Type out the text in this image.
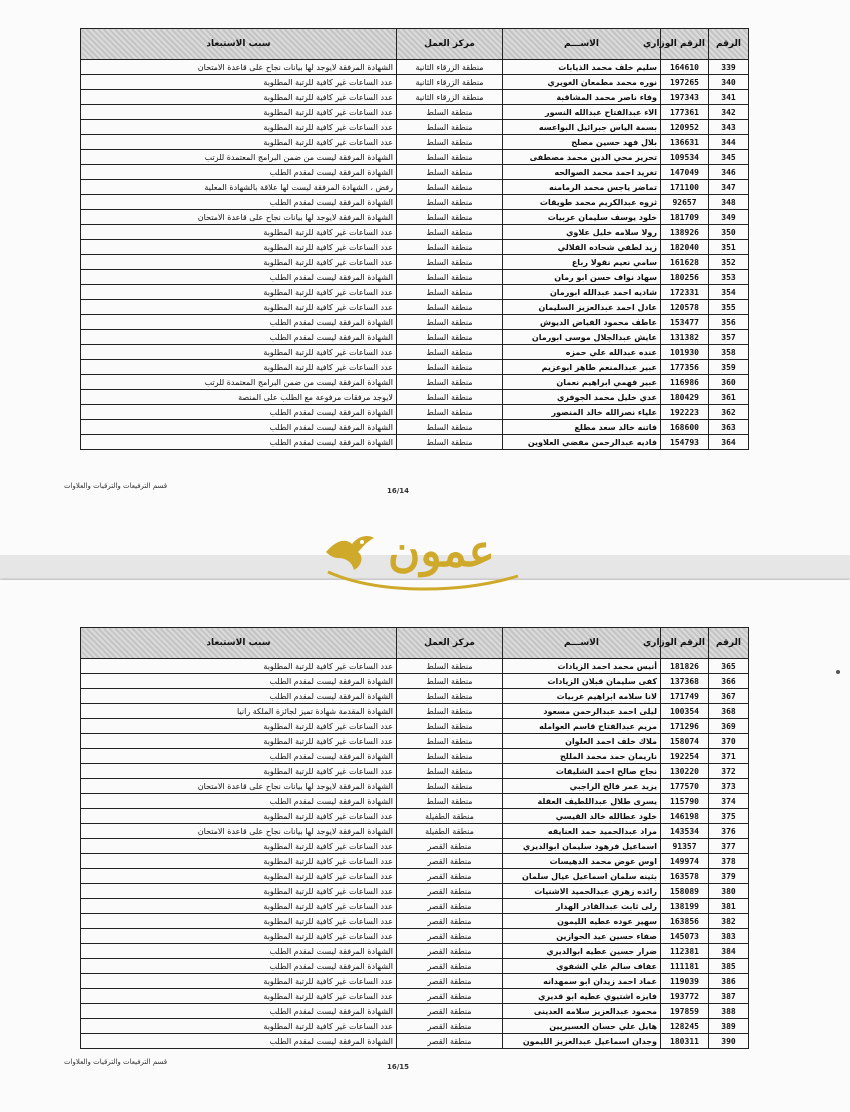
الرقم	الرقم الوزاري	الاســـم	مركز العمل	سبب الاستبعاد
339	164610	سليم خلف محمد الذيابات	منطقة الزرقاء الثانية	الشهادة المرفقة لايوجد لها بيانات نجاح على قاعدة الامتحان
340	197265	نوره محمد مطمعان الغويري	منطقة الزرقاء الثانية	عدد الساعات غير كافية للرتبة المطلوبة
341	197343	وفاء ناصر محمد المشاقبة	منطقة الزرقاء الثانية	عدد الساعات غير كافية للرتبة المطلوبة
342	177361	الاء عبدالفتاح عبدالله النسور	منطقة السلط	عدد الساعات غير كافية للرتبة المطلوبة
343	120952	بسمة الياس جبرائيل البواعسه	منطقة السلط	عدد الساعات غير كافية للرتبة المطلوبة
344	136631	بلال فهد حسين مصلح	منطقة السلط	عدد الساعات غير كافية للرتبة المطلوبة
345	109534	تحرير محي الدين محمد مصطفى	منطقة السلط	الشهادة المرفقة ليست من ضمن البرامج المعتمدة للرتب
346	147049	تغريد احمد محمد الصوالحه	منطقة السلط	الشهادة المرفقة ليست لمقدم الطلب
347	171100	تماضر ياجس محمد الرمامنه	منطقة السلط	رفض ، الشهادة المرفقة ليست لها علاقة بالشهادة المعلية
348	92657	ثروه عبدالكريم محمد طويقات	منطقة السلط	الشهادة المرفقة ليست لمقدم الطلب
349	181709	خلود يوسف سليمان عربيات	منطقة السلط	الشهادة المرفقة لايوجد لها بيانات نجاح على قاعدة الامتحان
350	138926	رولا سلامه خليل علاوي	منطقة السلط	عدد الساعات غير كافية للرتبة المطلوبة
351	182040	زيد لطفي شحاده القلالي	منطقة السلط	عدد الساعات غير كافية للرتبة المطلوبة
352	161628	سامي نعيم نقولا رباع	منطقة السلط	عدد الساعات غير كافية للرتبة المطلوبة
353	180256	سهاد نواف حسن ابو رمان	منطقة السلط	الشهادة المرفقة ليست لمقدم الطلب
354	172331	شاديه احمد عبدالله ابورمان	منطقة السلط	عدد الساعات غير كافية للرتبة المطلوبة
355	120578	عادل احمد عبدالعزيز السليمان	منطقة السلط	عدد الساعات غير كافية للرتبة المطلوبة
356	153477	عاطف محمود الفياض الديوش	منطقة السلط	الشهادة المرفقة ليست لمقدم الطلب
357	131382	عايش عبدالجلال موسى ابورمان	منطقة السلط	الشهادة المرفقة ليست لمقدم الطلب
358	101930	عنده عبدالله علي حمزه	منطقة السلط	عدد الساعات غير كافية للرتبة المطلوبة
359	177356	عبير عبدالمنعم طاهر ابوعزيم	منطقة السلط	عدد الساعات غير كافية للرتبة المطلوبة
360	116986	عبير فهمي ابراهيم نعمان	منطقة السلط	الشهادة المرفقة ليست من ضمن البرامج المعتمدة للرتب
361	180429	عدي خليل محمد الجوفري	منطقة السلط	لايوجد مرفقات مرفوعة مع الطلب على المنصة
362	192223	علياء نصرالله خالد المنصور	منطقة السلط	الشهادة المرفقة ليست لمقدم الطلب
363	168600	فاتنه خالد سعد مطلع	منطقة السلط	الشهادة المرفقة ليست لمقدم الطلب
364	154793	فاديه عبدالرحمن مفضي العلاوين	منطقة السلط	الشهادة المرفقة ليست لمقدم الطلب
قسم الترفيعات والترقيات والعلاوات
16/14
الرقم	الرقم الوزاري	الاســـم	مركز العمل	سبب الاستبعاد
365	181826	أنيس محمد احمد الزيادات	منطقة السلط	عدد الساعات غير كافية للرتبة المطلوبة
366	137368	كفى سليمان قبلان الزيادات	منطقة السلط	الشهادة المرفقة ليست لمقدم الطلب
367	171749	لانا سلامه ابراهيم عربيات	منطقة السلط	الشهادة المرفقة ليست لمقدم الطلب
368	100354	ليلى احمد عبدالرحمن مسعود	منطقة السلط	الشهادة المقدمة شهادة تميز لجائزة الملكة رانيا
369	171296	مريم عبدالفتاح قاسم العوامله	منطقة السلط	عدد الساعات غير كافية للرتبة المطلوبة
370	158074	ملاك خلف احمد العلوان	منطقة السلط	عدد الساعات غير كافية للرتبة المطلوبة
371	192254	ناريمان حمد محمد المللح	منطقة السلط	الشهادة المرفقة ليست لمقدم الطلب
372	130220	نجاح صالح احمد الشليقات	منطقة السلط	عدد الساعات غير كافية للرتبة المطلوبة
373	177570	يزيد عمر فالح الراجبي	منطقة السلط	الشهادة المرفقة لايوجد لها بيانات نجاح على قاعدة الامتحان
374	115790	يسرى طلال عبداللطيف العقلة	منطقة السلط	الشهادة المرفقة ليست لمقدم الطلب
375	146198	خلود عطالله خالد القيسي	منطقة الطفيلة	عدد الساعات غير كافية للرتبة المطلوبة
376	143534	مراد عبدالحميد حمد العنايقه	منطقة الطفيلة	الشهادة المرفقة لايوجد لها بيانات نجاح على قاعدة الامتحان
377	91357	اسماعيل فرهود سليمان ابوالديري	منطقة القصر	عدد الساعات غير كافية للرتبة المطلوبة
378	149974	اوس عوض محمد الدهيسات	منطقة القصر	عدد الساعات غير كافية للرتبة المطلوبة
379	163578	بثينه سلمان اسماعيل عيال سلمان	منطقة القصر	عدد الساعات غير كافية للرتبة المطلوبة
380	158089	رائده زهري عبدالحميد الاشنيات	منطقة القصر	عدد الساعات غير كافية للرتبة المطلوبة
381	138199	رلى ثابت عبدالقادر الهدار	منطقة القصر	عدد الساعات غير كافية للرتبة المطلوبة
382	163856	سهير عوده عطيه الليمون	منطقة القصر	عدد الساعات غير كافية للرتبة المطلوبة
383	145073	صفاء حسين عيد الحوازين	منطقة القصر	عدد الساعات غير كافية للرتبة المطلوبة
384	112381	ضرار حسين عطيه ابوالديري	منطقة القصر	الشهادة المرفقة ليست لمقدم الطلب
385	111181	عفاف سالم علي الشفوي	منطقة القصر	الشهادة المرفقة ليست لمقدم الطلب
386	119039	عماد احمد زيدان ابو سمهدانه	منطقة القصر	عدد الساعات غير كافية للرتبة المطلوبة
387	193772	فايزه اشتيوي عطيه ابو قديري	منطقة القصر	عدد الساعات غير كافية للرتبة المطلوبة
388	197859	محمود عبدالعزيز سلامه العدينى	منطقة القصر	الشهادة المرفقة ليست لمقدم الطلب
389	128245	هايل علي حسان العسيريين	منطقة القصر	عدد الساعات غير كافية للرتبة المطلوبة
390	180311	وجدان اسماعيل عبدالعزيز الليمون	منطقة القصر	الشهادة المرفقة ليست لمقدم الطلب
قسم الترفيعات والترقيات والعلاوات
16/15
عمون
